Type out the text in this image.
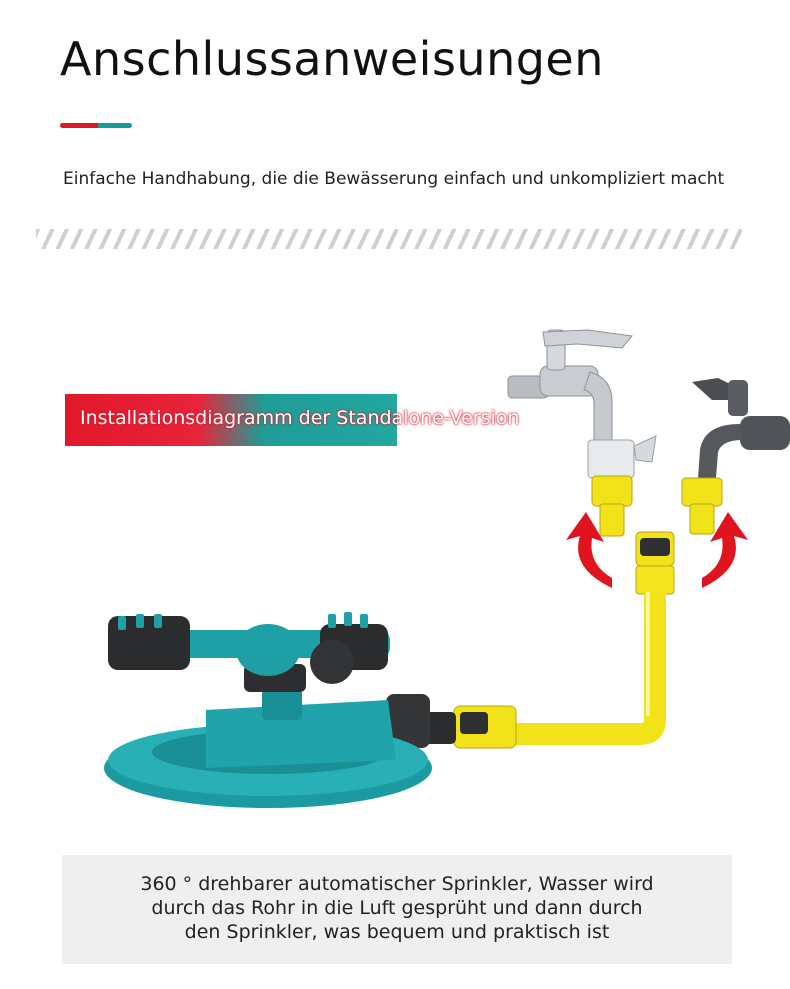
Anschlussanweisungen
Einfache Handhabung, die die Bewässerung einfach und unkompliziert macht
Installationsdiagramm der Standalone-Version
360 ° drehbarer automatischer Sprinkler, Wasser wird
durch das Rohr in die Luft gesprüht und dann durch
den Sprinkler, was bequem und praktisch ist
